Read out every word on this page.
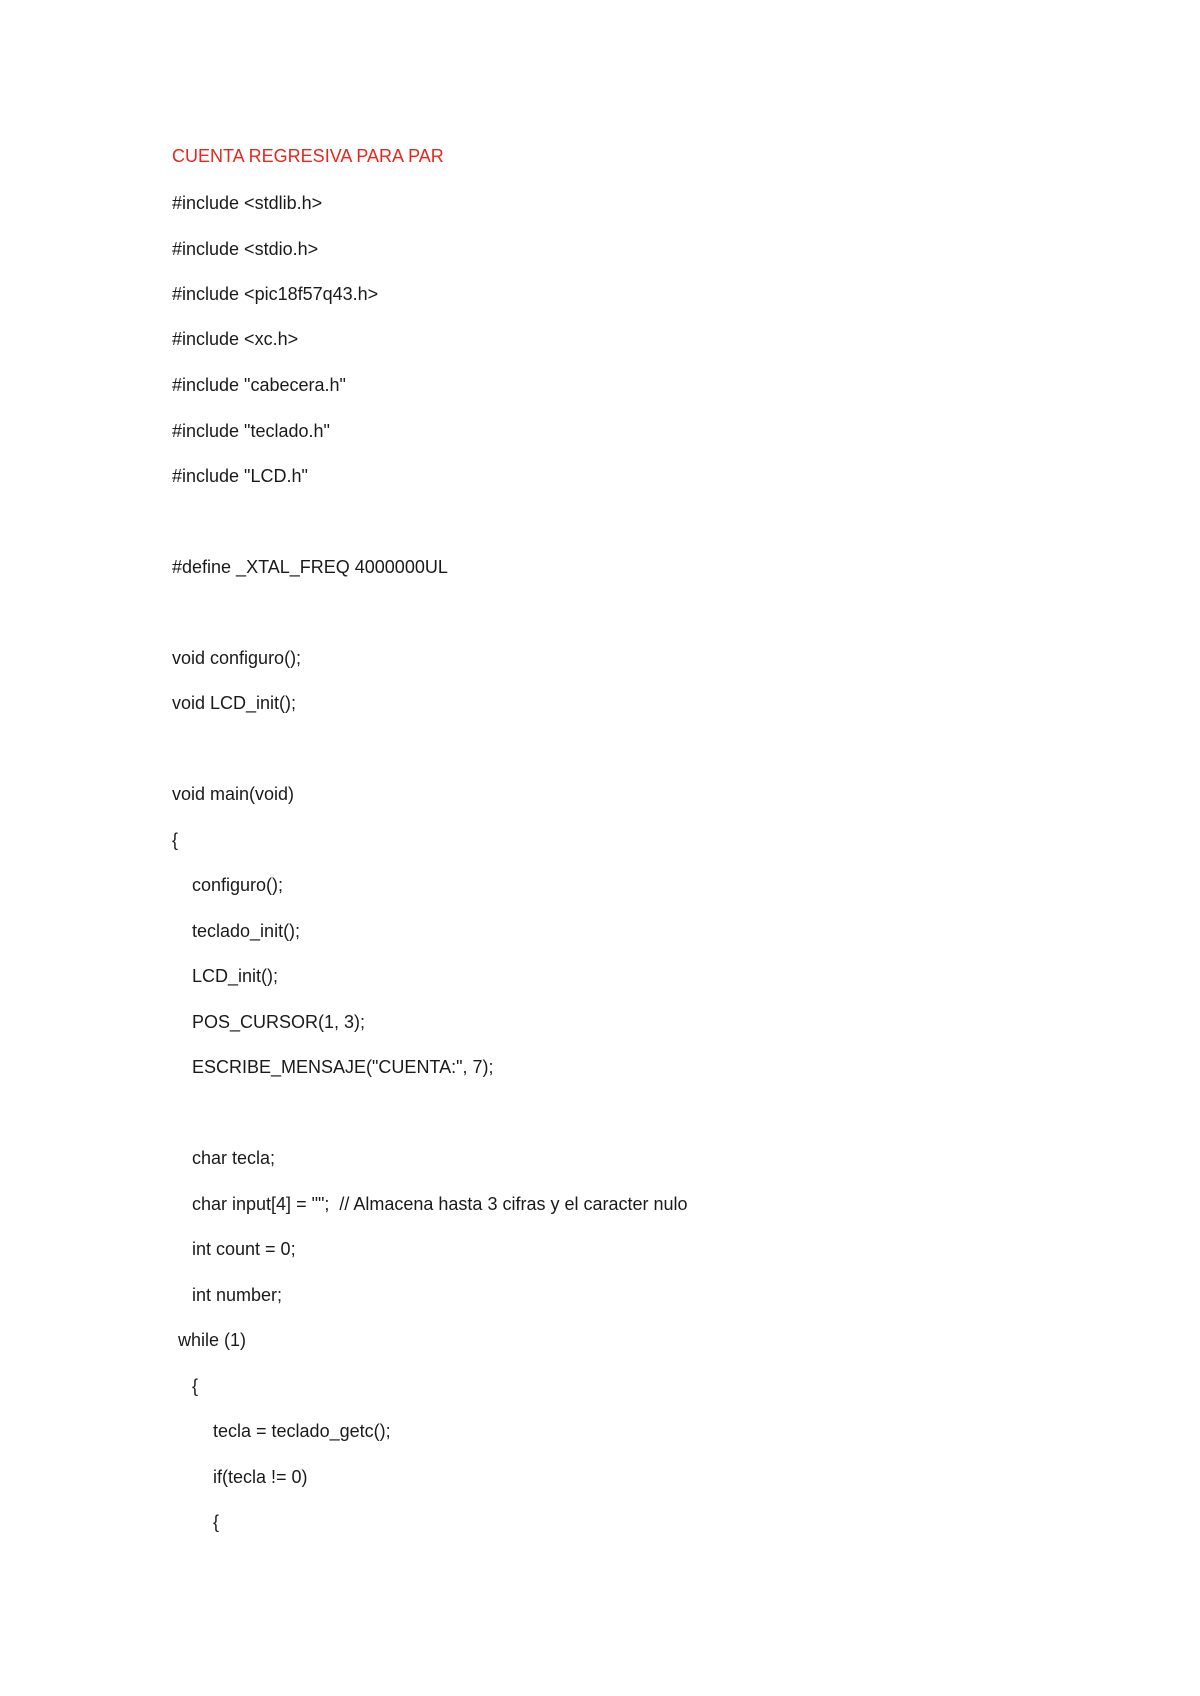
CUENTA REGRESIVA PARA PAR
#include <stdlib.h>
#include <stdio.h>
#include <pic18f57q43.h>
#include <xc.h>
#include "cabecera.h"
#include "teclado.h"
#include "LCD.h"
#define _XTAL_FREQ 4000000UL
void configuro();
void LCD_init();
void main(void)
{
configuro();
teclado_init();
LCD_init();
POS_CURSOR(1, 3);
ESCRIBE_MENSAJE("CUENTA:", 7);
char tecla;
char input[4] = "";  // Almacena hasta 3 cifras y el caracter nulo
int count = 0;
int number;
while (1)
{
tecla = teclado_getc();
if(tecla != 0)
{
